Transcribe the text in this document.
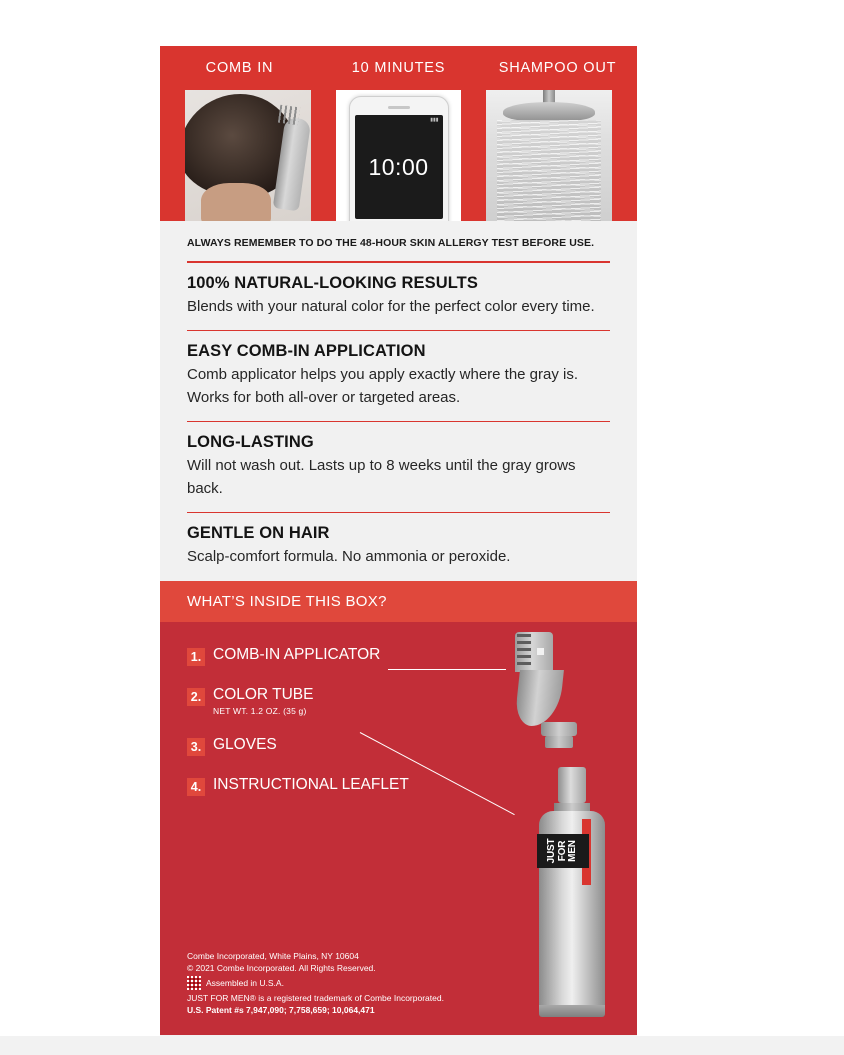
COMB IN	10 MINUTES	SHAMPOO OUT
10:00
▮▮▮
ALWAYS REMEMBER TO DO THE 48-HOUR SKIN ALLERGY TEST BEFORE USE.
100% NATURAL-LOOKING RESULTS

Blends with your natural color for the perfect color every time.

EASY COMB-IN APPLICATION

Comb applicator helps you apply exactly where the gray is. Works for both all-over or targeted areas.

LONG-LASTING

Will not wash out. Lasts up to 8 weeks until the gray grows back.

GENTLE ON HAIR

Scalp-comfort formula. No ammonia or peroxide.

WHAT’S INSIDE THIS BOX?
1. COMB-IN APPLICATOR
2. COLOR TUBE
NET WT. 1.2 OZ. (35 g)
3. GLOVES
4. INSTRUCTIONAL LEAFLET
JUST FOR MEN
Combe Incorporated, White Plains, NY 10604
© 2021 Combe Incorporated. All Rights Reserved.
Assembled in U.S.A.
JUST FOR MEN® is a registered trademark of Combe Incorporated.
U.S. Patent #s 7,947,090; 7,758,659; 10,064,471
